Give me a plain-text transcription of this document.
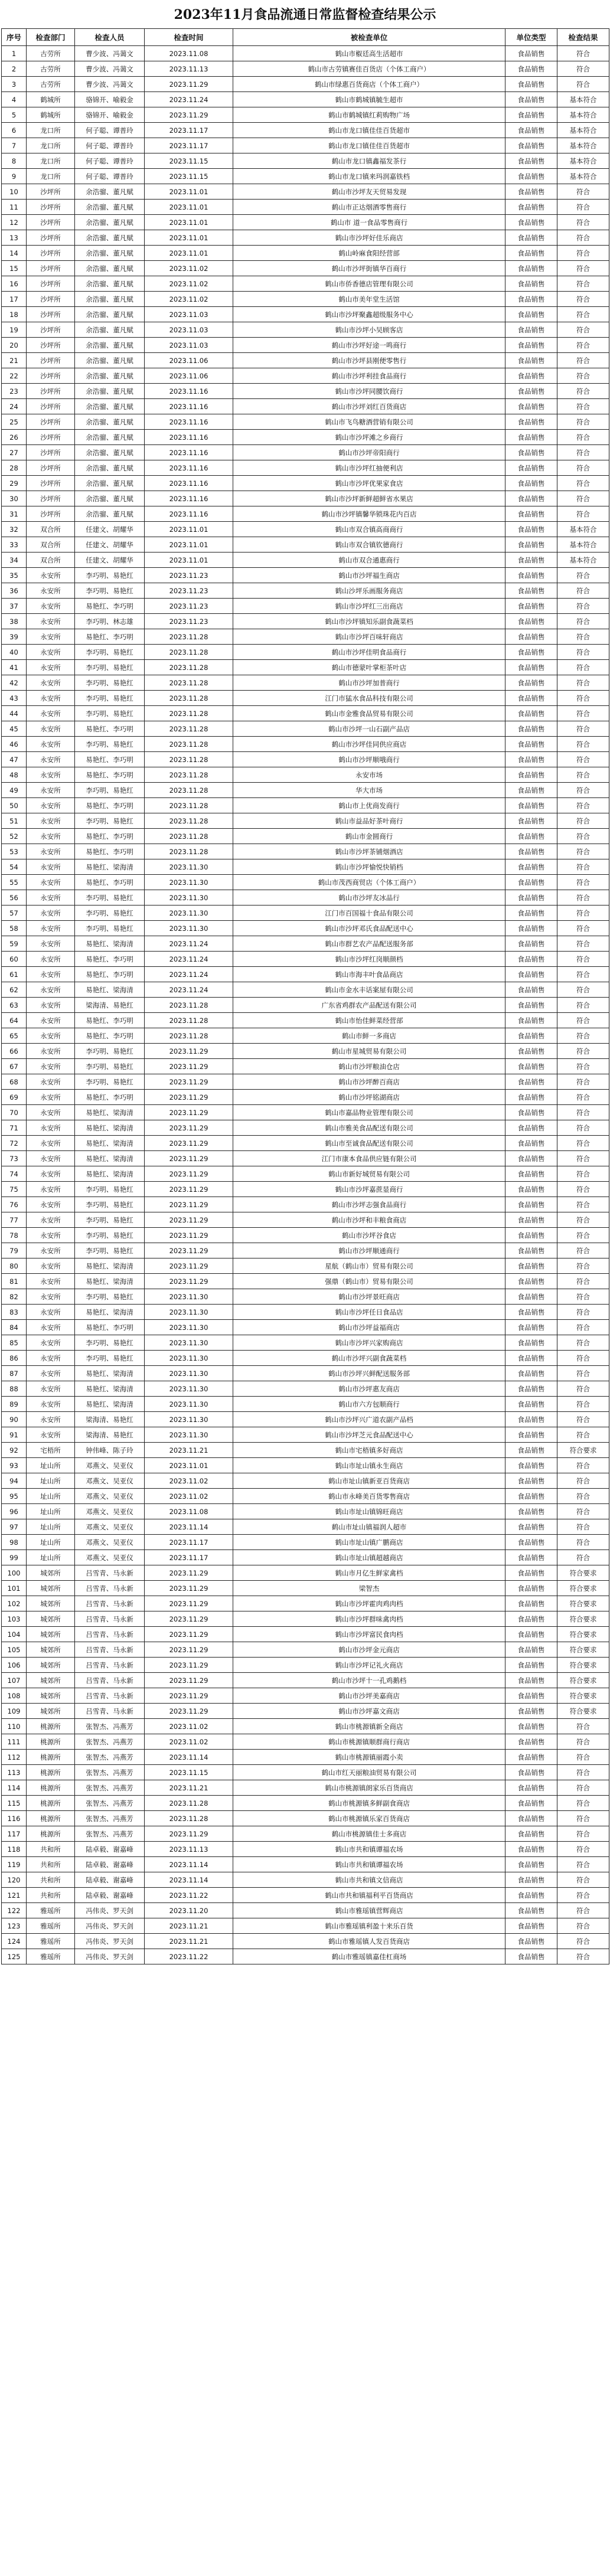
2023年11月食品流通日常监督检查结果公示
序号	检查部门	检查人员	检查时间	被检查单位	单位类型	检查结果
1	古劳所	曹少波、冯蔼文	2023.11.08	鹤山市椒廷高生活超市	食品销售	符合
2	古劳所	曹少波、冯蔼文	2023.11.13	鹤山市古劳镇赛佳百货店（个体工商户）	食品销售	符合
3	古劳所	曹少波、冯蔼文	2023.11.29	鹤山市绿惠百货商店（个体工商户）	食品销售	符合
4	鹤城所	骆锦开、喻毅金	2023.11.24	鹤山市鹤城镇毓生超市	食品销售	基本符合
5	鹤城所	骆锦开、喻毅金	2023.11.29	鹤山市鹤城镇红莉购物广场	食品销售	基本符合
6	龙口所	何子聪、谭普玲	2023.11.17	鹤山市龙口镇佳佳百货超市	食品销售	基本符合
7	龙口所	何子聪、谭普玲	2023.11.17	鹤山市龙口镇佳佳百货超市	食品销售	基本符合
8	龙口所	何子聪、谭普玲	2023.11.15	鹤山市龙口镇鑫福发茶行	食品销售	基本符合
9	龙口所	何子聪、谭普玲	2023.11.15	鹤山市龙口镇来玛润嘉铁档	食品销售	基本符合
10	沙坪所	余浩骝、董凡赋	2023.11.01	鹤山市沙坪友天贸易发现	食品销售	符合
11	沙坪所	余浩骝、董凡赋	2023.11.01	鹤山市正达烟酒零售商行	食品销售	符合
12	沙坪所	余浩骝、董凡赋	2023.11.01	鹤山市 道一食品零售商行	食品销售	符合
13	沙坪所	余浩骝、董凡赋	2023.11.01	鹤山市沙坪好佳乐商店	食品销售	符合
14	沙坪所	余浩骝、董凡赋	2023.11.01	鹤山岭麻食阳经营部	食品销售	符合
15	沙坪所	余浩骝、董凡赋	2023.11.02	鹤山市沙坪街镇华百商行	食品销售	符合
16	沙坪所	余浩骝、董凡赋	2023.11.02	鹤山市侨香德店管理有限公司	食品销售	符合
17	沙坪所	余浩骝、董凡赋	2023.11.02	鹤山市美年堂生活馆	食品销售	符合
18	沙坪所	余浩骝、董凡赋	2023.11.03	鹤山市沙坪聚鑫超级服务中心	食品销售	符合
19	沙坪所	余浩骝、董凡赋	2023.11.03	鹤山市沙坪小吴顾客店	食品销售	符合
20	沙坪所	余浩骝、董凡赋	2023.11.03	鹤山市沙坪好途一鸣商行	食品销售	符合
21	沙坪所	余浩骝、董凡赋	2023.11.06	鹤山市沙坪县刚便零售行	食品销售	符合
22	沙坪所	余浩骝、董凡赋	2023.11.06	鹤山市沙坪利挂食品商行	食品销售	符合
23	沙坪所	余浩骝、董凡赋	2023.11.16	鹤山市沙坪同腰饮商行	食品销售	符合
24	沙坪所	余浩骝、董凡赋	2023.11.16	鹤山市沙坪刘红百货商店	食品销售	符合
25	沙坪所	余浩骝、董凡赋	2023.11.16	鹤山市飞鸟糖酒营销有限公司	食品销售	符合
26	沙坪所	余浩骝、董凡赋	2023.11.16	鹤山市沙坪滩之乡商行	食品销售	符合
27	沙坪所	余浩骝、董凡赋	2023.11.16	鹤山市沙坪帝阳商行	食品销售	符合
28	沙坪所	余浩骝、董凡赋	2023.11.16	鹤山市沙坪红抽便利店	食品销售	符合
29	沙坪所	余浩骝、董凡赋	2023.11.16	鹤山市沙坪优果家食店	食品销售	符合
30	沙坪所	余浩骝、董凡赋	2023.11.16	鹤山市沙坪新鲜超鲜省水果店	食品销售	符合
31	沙坪所	余浩骝、董凡赋	2023.11.16	鹤山市沙坪镇馨华锁珠花内百店	食品销售	符合
32	双合所	任建文、胡耀华	2023.11.01	鹤山市双合镇高商商行	食品销售	基本符合
33	双合所	任建文、胡耀华	2023.11.01	鹤山市双合镇钦德商行	食品销售	基本符合
34	双合所	任建文、胡耀华	2023.11.01	鹤山市双合通惠商行	食品销售	基本符合
35	永安所	李巧明、易艳红	2023.11.23	鹤山市沙坪福生商店	食品销售	符合
36	永安所	李巧明、易艳红	2023.11.23	鹤山沙坪乐画服务商店	食品销售	符合
37	永安所	易艳红、李巧明	2023.11.23	鹤山市沙坪红三出商店	食品销售	符合
38	永安所	李巧明、林志雄	2023.11.23	鹤山市沙坪镇知乐副食蔬菜档	食品销售	符合
39	永安所	易艳红、李巧明	2023.11.28	鹤山市沙坪百味轩商店	食品销售	符合
40	永安所	李巧明、易艳红	2023.11.28	鹤山市沙坪佳明食品商行	食品销售	符合
41	永安所	李巧明、易艳红	2023.11.28	鹤山市德蒙叶掌柜茶叶店	食品销售	符合
42	永安所	李巧明、易艳红	2023.11.28	鹤山市沙坪加普商行	食品销售	符合
43	永安所	李巧明、易艳红	2023.11.28	江门市猛水食品科技有限公司	食品销售	符合
44	永安所	李巧明、易艳红	2023.11.28	鹤山市金雅食品贸易有限公司	食品销售	符合
45	永安所	易艳红、李巧明	2023.11.28	鹤山市沙坪一山石副产品店	食品销售	符合
46	永安所	李巧明、易艳红	2023.11.28	鹤山市沙坪佳同供应商店	食品销售	符合
47	永安所	易艳红、李巧明	2023.11.28	鹤山市沙坪顺哦商行	食品销售	符合
48	永安所	易艳红、李巧明	2023.11.28	永安市场	食品销售	符合
49	永安所	李巧明、易艳红	2023.11.28	华大市场	食品销售	符合
50	永安所	易艳红、李巧明	2023.11.28	鹤山市上优商发商行	食品销售	符合
51	永安所	李巧明、易艳红	2023.11.28	鹤山市益品好茶叶商行	食品销售	符合
52	永安所	易艳红、李巧明	2023.11.28	鹤山市金圆商行	食品销售	符合
53	永安所	易艳红、李巧明	2023.11.28	鹤山市沙坪茶铺烟酒店	食品销售	符合
54	永安所	易艳红、梁海清	2023.11.30	鹤山市沙坪愉悦快销档	食品销售	符合
55	永安所	易艳红、李巧明	2023.11.30	鹤山市茂西商贸店（个体工商户）	食品销售	符合
56	永安所	李巧明、易艳红	2023.11.30	鹤山市沙坪友冰品行	食品销售	符合
57	永安所	李巧明、易艳红	2023.11.30	江门市百国福十食品有限公司	食品销售	符合
58	永安所	李巧明、易艳红	2023.11.30	鹤山市沙坪邓氏食品配送中心	食品销售	符合
59	永安所	易艳红、梁海清	2023.11.24	鹤山市群艺农产品配送服务部	食品销售	符合
60	永安所	易艳红、李巧明	2023.11.24	鹤山市沙坪红岗顺颜档	食品销售	符合
61	永安所	易艳红、李巧明	2023.11.24	鹤山市海丰叶食品商店	食品销售	符合
62	永安所	易艳红、梁海清	2023.11.24	鹤山市金水丰话案屋有限公司	食品销售	符合
63	永安所	梁海清、易艳红	2023.11.28	广东省鸡群农产品配送有限公司	食品销售	符合
64	永安所	易艳红、李巧明	2023.11.28	鹤山市怡佳鲜菜经营部	食品销售	符合
65	永安所	易艳红、李巧明	2023.11.28	鹤山市鲜一多商店	食品销售	符合
66	永安所	李巧明、易艳红	2023.11.29	鹤山市星城贸易有限公司	食品销售	符合
67	永安所	李巧明、易艳红	2023.11.29	鹤山市沙坪粮油仓店	食品销售	符合
68	永安所	李巧明、易艳红	2023.11.29	鹤山市沙坪醉百商店	食品销售	符合
69	永安所	易艳红、李巧明	2023.11.29	鹤山市沙坪铭湖商店	食品销售	符合
70	永安所	易艳红、梁海清	2023.11.29	鹤山市嘉品物业管理有限公司	食品销售	符合
71	永安所	易艳红、梁海清	2023.11.29	鹤山市雅美食品配送有限公司	食品销售	符合
72	永安所	易艳红、梁海清	2023.11.29	鹤山市至诚食品配送有限公司	食品销售	符合
73	永安所	易艳红、梁海清	2023.11.29	江门市康本食品供应链有限公司	食品销售	符合
74	永安所	易艳红、梁海清	2023.11.29	鹤山市新好城贸易有限公司	食品销售	符合
75	永安所	李巧明、易艳红	2023.11.29	鹤山市沙坪嘉蔗显商行	食品销售	符合
76	永安所	李巧明、易艳红	2023.11.29	鹤山市沙坪志强食品商行	食品销售	符合
77	永安所	李巧明、易艳红	2023.11.29	鹤山市沙坪和丰粮食商店	食品销售	符合
78	永安所	李巧明、易艳红	2023.11.29	鹤山市沙坪谷食店	食品销售	符合
79	永安所	李巧明、易艳红	2023.11.29	鹤山市沙坪顺通商行	食品销售	符合
80	永安所	易艳红、梁海清	2023.11.29	星航（鹤山市）贸易有限公司	食品销售	符合
81	永安所	易艳红、梁海清	2023.11.29	强鼎（鹤山市）贸易有限公司	食品销售	符合
82	永安所	李巧明、易艳红	2023.11.30	鹤山市沙坪景旺商店	食品销售	符合
83	永安所	易艳红、梁海清	2023.11.30	鹤山市沙坪任日食品店	食品销售	符合
84	永安所	易艳红、李巧明	2023.11.30	鹤山市沙坪益福商店	食品销售	符合
85	永安所	李巧明、易艳红	2023.11.30	鹤山市沙坪兴家购商店	食品销售	符合
86	永安所	李巧明、易艳红	2023.11.30	鹤山市沙坪兴副食蔬菜档	食品销售	符合
87	永安所	易艳红、梁海清	2023.11.30	鹤山市沙坪兴鲜配送服务部	食品销售	符合
88	永安所	易艳红、梁海清	2023.11.30	鹤山市沙坪惠友商店	食品销售	符合
89	永安所	易艳红、梁海清	2023.11.30	鹤山市六方包顺商行	食品销售	符合
90	永安所	梁海清、易艳红	2023.11.30	鹤山市沙坪兴广道农副产品档	食品销售	符合
91	永安所	梁海清、易艳红	2023.11.30	鹤山市沙坪芝元食品配送中心	食品销售	符合
92	宅梧所	钟伟峰、陈子玲	2023.11.21	鹤山市宅梧镇多好商店	食品销售	符合要求
93	址山所	邓燕文、吴亚仪	2023.11.01	鹤山市址山镇永生商店	食品销售	符合
94	址山所	邓燕文、吴亚仪	2023.11.02	鹤山市址山镇新亚百货商店	食品销售	符合
95	址山所	邓燕文、吴亚仪	2023.11.02	鹤山市永峰美百货零售商店	食品销售	符合
96	址山所	邓燕文、吴亚仪	2023.11.08	鹤山市址山镇锦旺商店	食品销售	符合
97	址山所	邓燕文、吴亚仪	2023.11.14	鹤山市址山镇福润人超市	食品销售	符合
98	址山所	邓燕文、吴亚仪	2023.11.17	鹤山市址山镇广鹏商店	食品销售	符合
99	址山所	邓燕文、吴亚仪	2023.11.17	鹤山市址山镇超越商店	食品销售	符合
100	城郊所	吕雪青、马永新	2023.11.29	鹤山市月亿生鲜家禽档	食品销售	符合要求
101	城郊所	吕雪青、马永新	2023.11.29	梁智杰	食品销售	符合要求
102	城郊所	吕雪青、马永新	2023.11.29	鹤山市沙坪霍肉鸡肉档	食品销售	符合要求
103	城郊所	吕雪青、马永新	2023.11.29	鹤山市沙坪群味禽肉档	食品销售	符合要求
104	城郊所	吕雪青、马永新	2023.11.29	鹤山市沙坪富民食肉档	食品销售	符合要求
105	城郊所	吕雪青、马永新	2023.11.29	鹤山市沙坪金元商店	食品销售	符合要求
106	城郊所	吕雪青、马永新	2023.11.29	鹤山市沙坪记礼火商店	食品销售	符合要求
107	城郊所	吕雪青、马永新	2023.11.29	鹤山市沙坪十一孔鸡鹅档	食品销售	符合要求
108	城郊所	吕雪青、马永新	2023.11.29	鹤山市沙坪美嘉商店	食品销售	符合要求
109	城郊所	吕雪青、马永新	2023.11.29	鹤山市沙坪嘉文商店	食品销售	符合要求
110	桃源所	张智杰、冯燕芳	2023.11.02	鹤山市桃源镇新全商店	食品销售	符合
111	桃源所	张智杰、冯燕芳	2023.11.02	鹤山市桃源镇顺群商行商店	食品销售	符合
112	桃源所	张智杰、冯燕芳	2023.11.14	鹤山市桃源镇丽霞小卖	食品销售	符合
113	桃源所	张智杰、冯燕芳	2023.11.15	鹤山市红天丽粮油贸易有限公司	食品销售	符合
114	桃源所	张智杰、冯燕芳	2023.11.21	鹤山市桃源镇朗家乐百货商店	食品销售	符合
115	桃源所	张智杰、冯燕芳	2023.11.28	鹤山市桃源镇多鲜副食商店	食品销售	符合
116	桃源所	张智杰、冯燕芳	2023.11.28	鹤山市桃源镇乐家百货商店	食品销售	符合
117	桃源所	张智杰、冯燕芳	2023.11.29	鹤山市桃源镇佳士多商店	食品销售	符合
118	共和所	陆卓毅、谢嘉峰	2023.11.13	鹤山市共和镇谭福农场	食品销售	符合
119	共和所	陆卓毅、谢嘉峰	2023.11.14	鹤山市共和镇谭福农场	食品销售	符合
120	共和所	陆卓毅、谢嘉峰	2023.11.14	鹤山市共和镇文信商店	食品销售	符合
121	共和所	陆卓毅、谢嘉峰	2023.11.22	鹤山市共和镇福利平百货商店	食品销售	符合
122	雅瑶所	冯伟炎、罗天剑	2023.11.20	鹤山市雅瑶镇营辉商店	食品销售	符合
123	雅瑶所	冯伟炎、罗天剑	2023.11.21	鹤山市雅瑶镇利盈十来乐百货	食品销售	符合
124	雅瑶所	冯伟炎、罗天剑	2023.11.21	鹤山市雅瑶镇人发百货商店	食品销售	符合
125	雅瑶所	冯伟炎、罗天剑	2023.11.22	鹤山市雅瑶镇嘉佳杠商场	食品销售	符合
